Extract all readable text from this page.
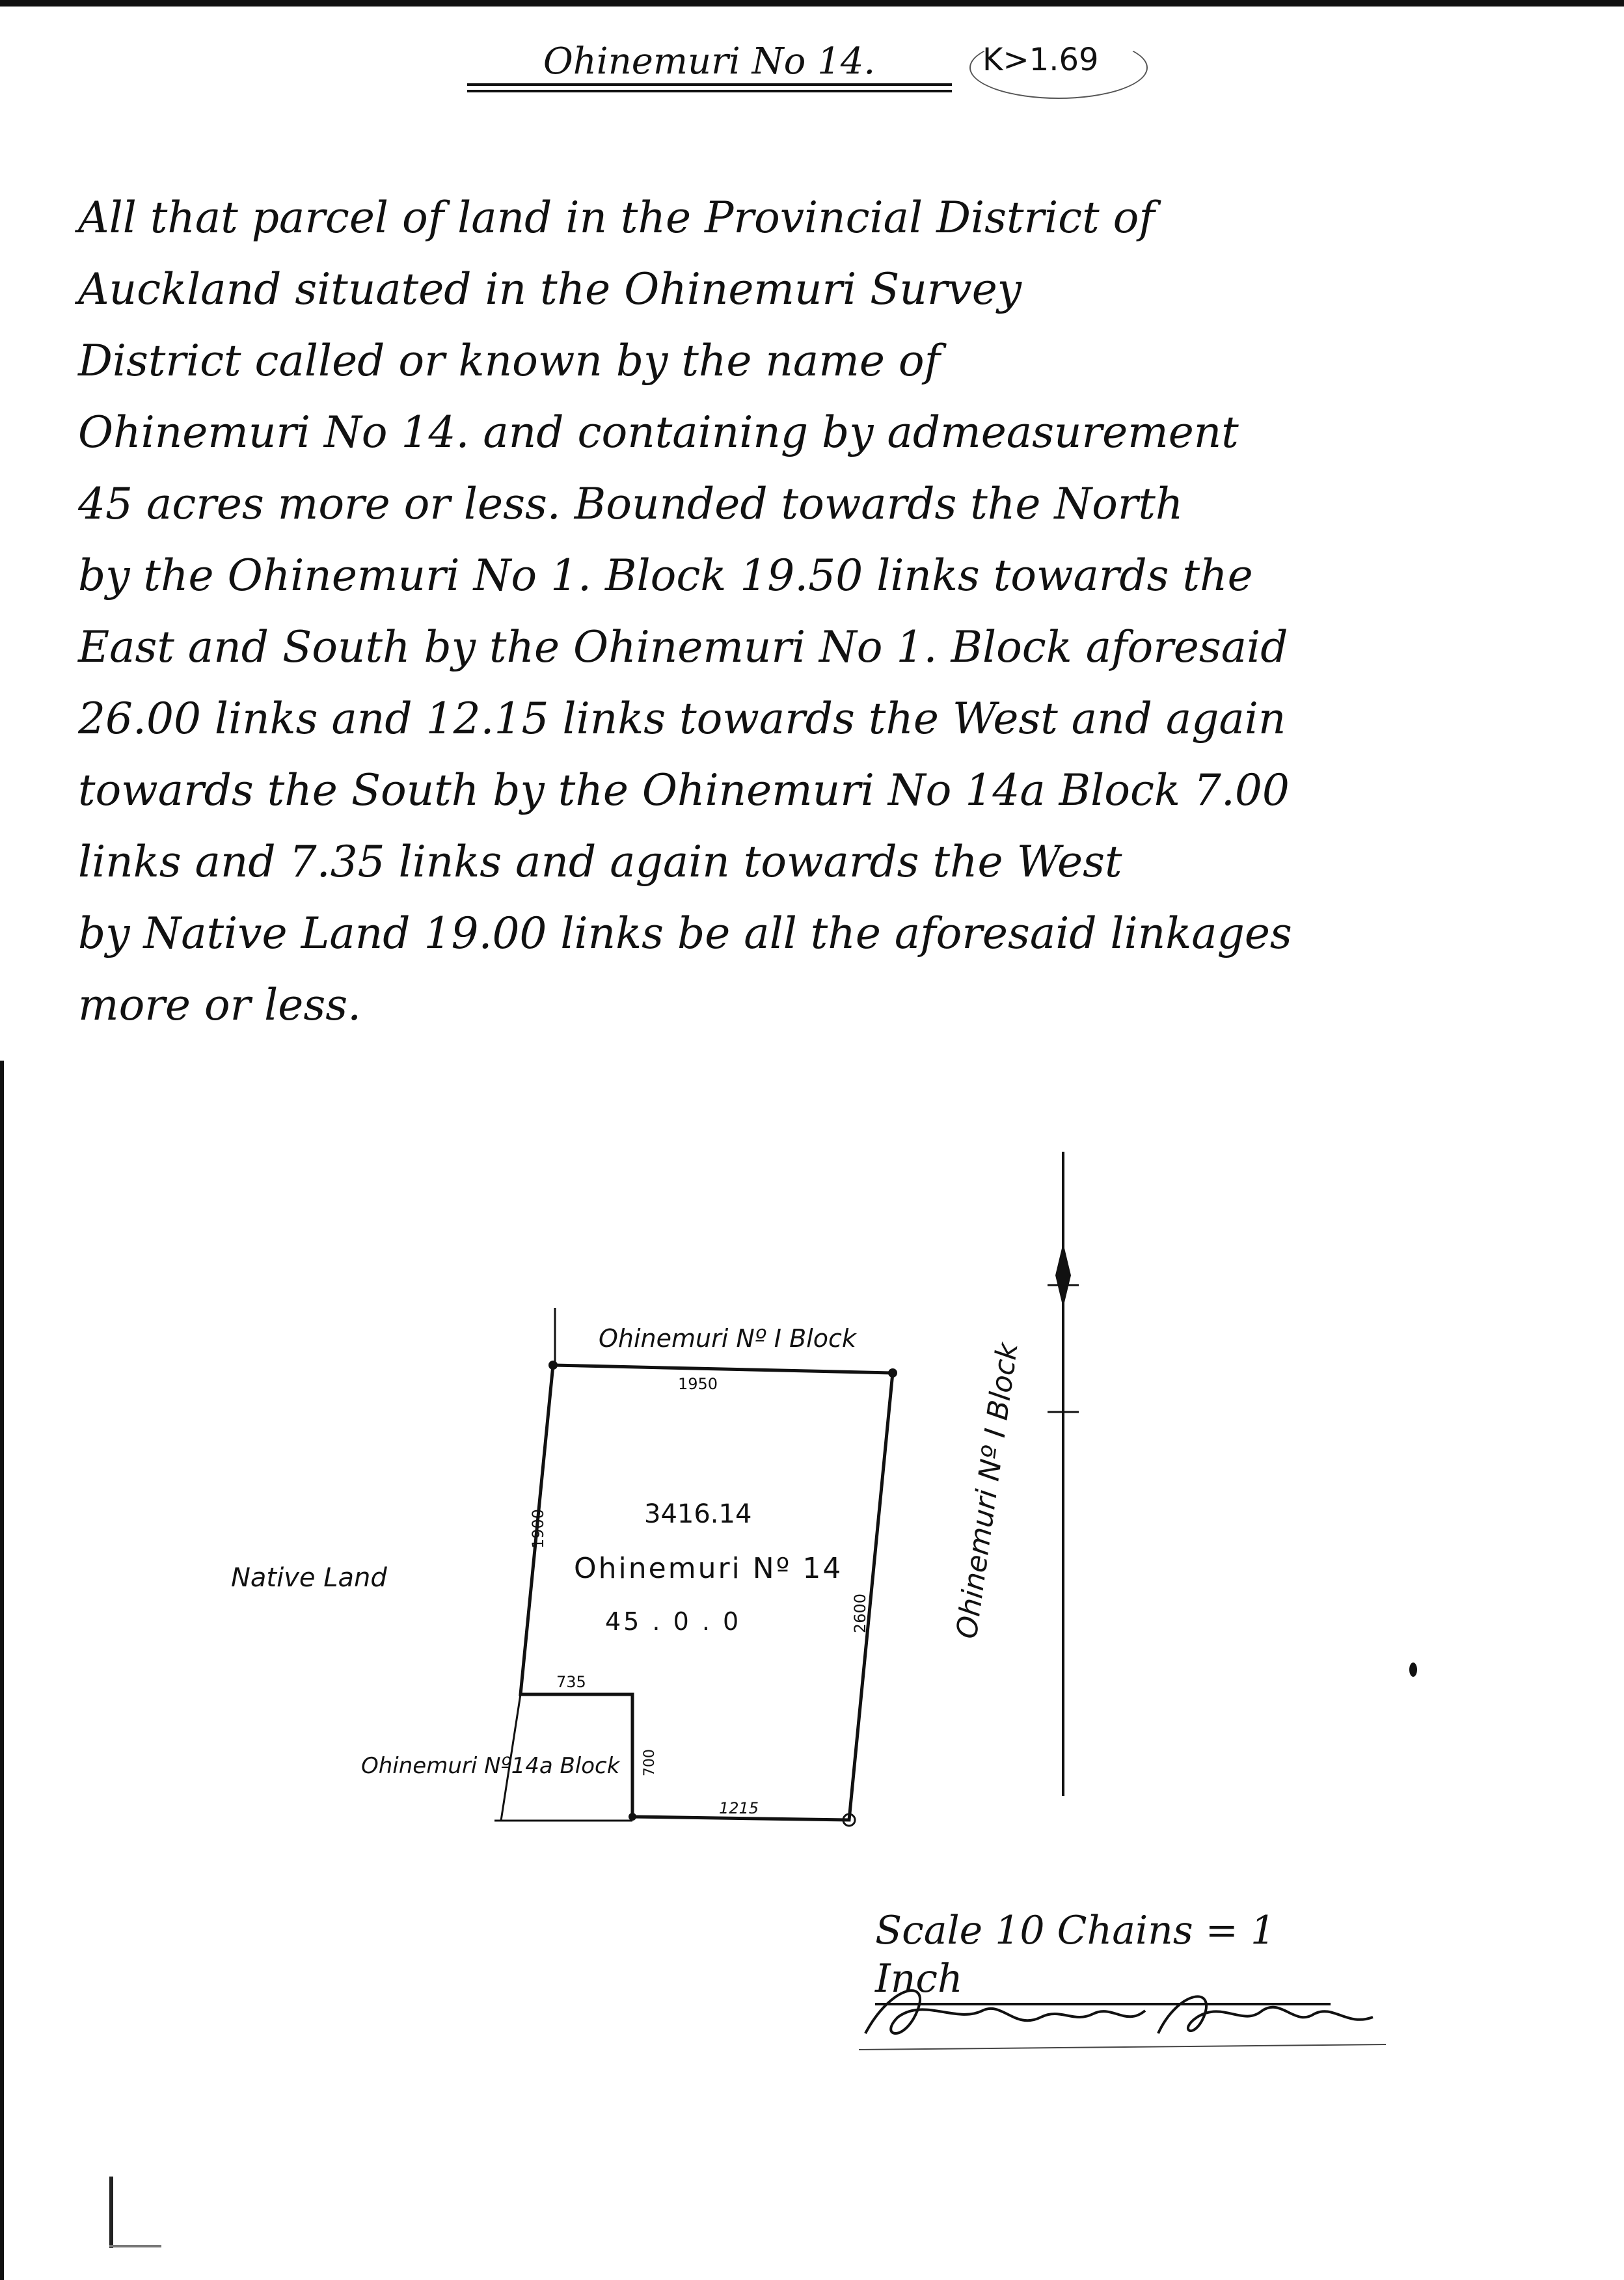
Ohinemuri No 14.	K>1.69

All that parcel of land in the Provincial District of
Auckland situated in the Ohinemuri Survey
District called or known by the name of
Ohinemuri No 14. and containing by admeasurement
45 acres more or less. Bounded towards the North
by the Ohinemuri No 1. Block 19.50 links towards the
East and South by the Ohinemuri No 1. Block aforesaid
26.00 links and 12.15 links towards the West and again
towards the South by the Ohinemuri No 14a Block 7.00
links and 7.35 links and again towards the West
by Native Land 19.00 links be all the aforesaid linkages
more or less.

Ohinemuri Nº I Block
Native Land
Ohinemuri Nº14a Block
Ohinemuri Nº I Block
1950
1900
2600
735
700
1215
3416.14
Ohinemuri Nº 14
45 . 0 . 0
Scale 10 Chains = 1 Inch
